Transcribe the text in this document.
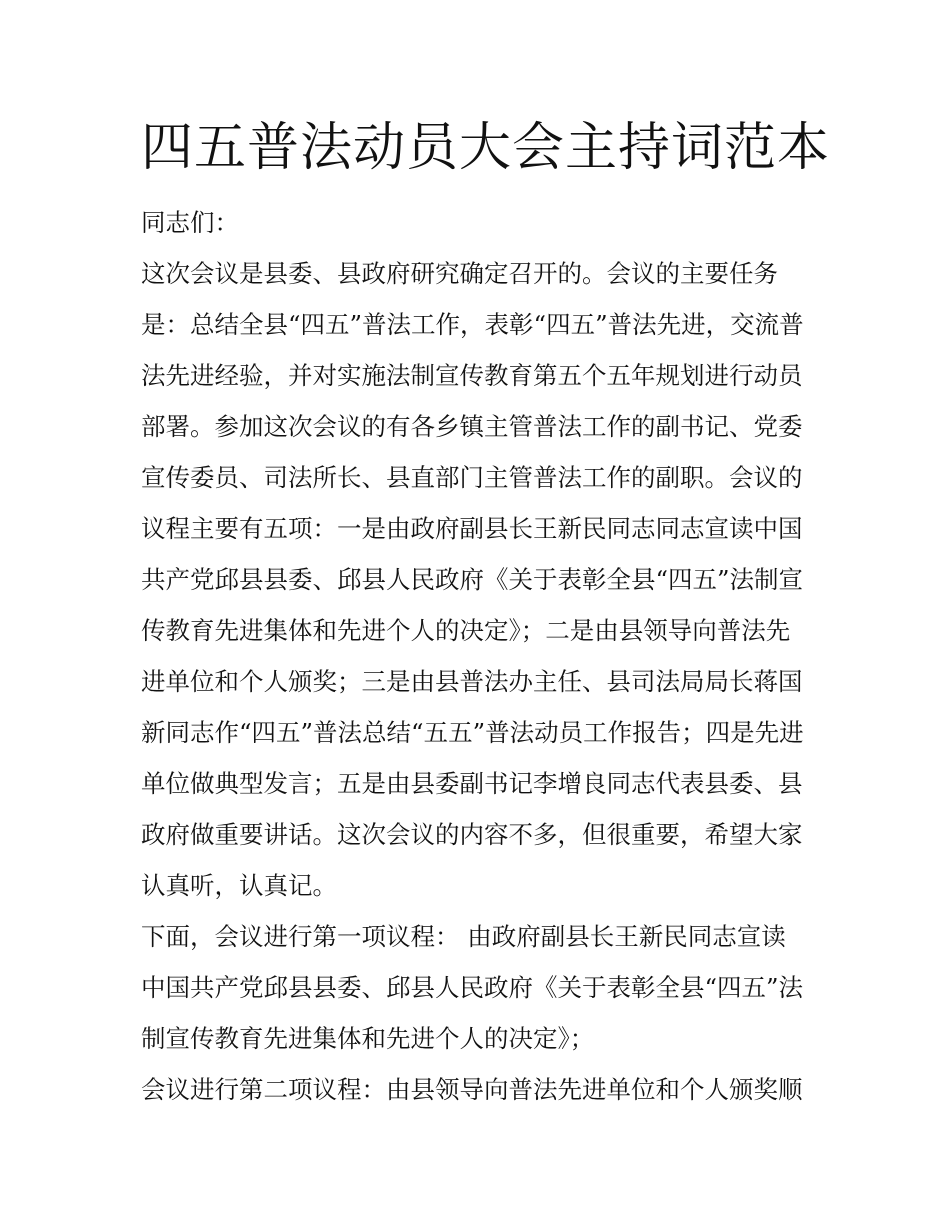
四五普法动员大会主持词范本
同志们：
这次会议是县委、县政府研究确定召开的。会议的主要任务
是：总结全县“四五”普法工作，表彰“四五”普法先进，交流普
法先进经验，并对实施法制宣传教育第五个五年规划进行动员
部署。参加这次会议的有各乡镇主管普法工作的副书记、党委
宣传委员、司法所长、县直部门主管普法工作的副职。会议的
议程主要有五项：一是由政府副县长王新民同志同志宣读中国
共产党邱县县委、邱县人民政府《关于表彰全县“四五”法制宣
传教育先进集体和先进个人的决定》；二是由县领导向普法先
进单位和个人颁奖；三是由县普法办主任、县司法局局长蒋国
新同志作“四五”普法总结“五五”普法动员工作报告；四是先进
单位做典型发言；五是由县委副书记李增良同志代表县委、县
政府做重要讲话。这次会议的内容不多，但很重要，希望大家
认真听，认真记。
下面，会议进行第一项议程： 由政府副县长王新民同志宣读
中国共产党邱县县委、邱县人民政府《关于表彰全县“四五”法
制宣传教育先进集体和先进个人的决定》；
会议进行第二项议程：由县领导向普法先进单位和个人颁奖顺
